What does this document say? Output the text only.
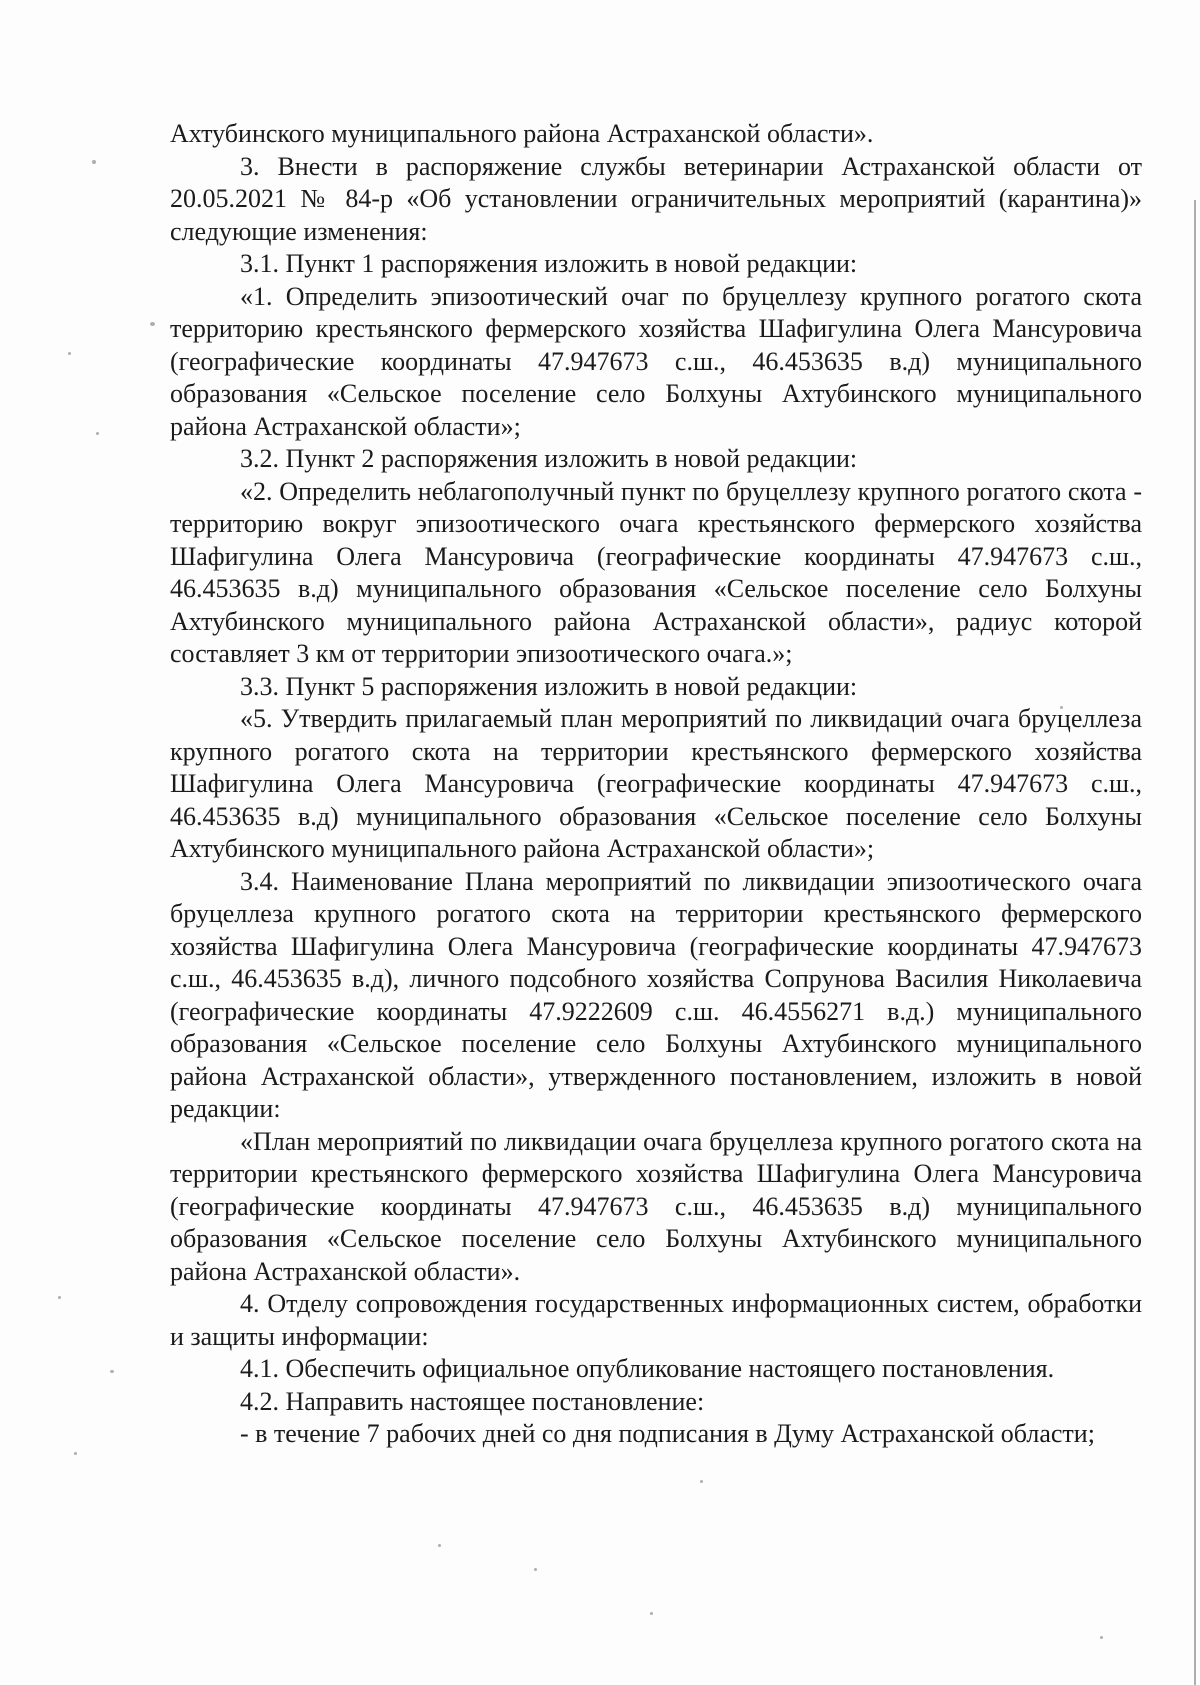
Ахтубинского муниципального района Астраханской области».

3. Внести в распоряжение службы ветеринарии Астраханской области от 20.05.2021 № 84-р «Об установлении ограничительных мероприятий (карантина)» следующие изменения:

3.1. Пункт 1 распоряжения изложить в новой редакции:

«1. Определить эпизоотический очаг по бруцеллезу крупного рогатого скота территорию крестьянского фермерского хозяйства Шафигулина Олега Мансуровича (географические координаты 47.947673 с.ш., 46.453635 в.д) муниципального образования «Сельское поселение село Болхуны Ахтубинского муниципального района Астраханской области»;

3.2. Пункт 2 распоряжения изложить в новой редакции:

«2. Определить неблагополучный пункт по бруцеллезу крупного рогатого скота - территорию вокруг эпизоотического очага крестьянского фермерского хозяйства Шафигулина Олега Мансуровича (географические координаты 47.947673 с.ш., 46.453635 в.д) муниципального образования «Сельское поселение село Болхуны Ахтубинского муниципального района Астраханской области», радиус которой составляет 3 км от территории эпизоотического очага.»;

3.3. Пункт 5 распоряжения изложить в новой редакции:

«5. Утвердить прилагаемый план мероприятий по ликвидации очага бруцеллеза крупного рогатого скота на территории крестьянского фермерского хозяйства Шафигулина Олега Мансуровича (географические координаты 47.947673 с.ш., 46.453635 в.д) муниципального образования «Сельское поселение село Болхуны Ахтубинского муниципального района Астраханской области»;

3.4. Наименование Плана мероприятий по ликвидации эпизоотического очага бруцеллеза крупного рогатого скота на территории крестьянского фермерского хозяйства Шафигулина Олега Мансуровича (географические координаты 47.947673 с.ш., 46.453635 в.д), личного подсобного хозяйства Сопрунова Василия Николаевича (географические координаты 47.9222609 с.ш. 46.4556271 в.д.) муниципального образования «Сельское поселение село Болхуны Ахтубинского муниципального района Астраханской области», утвержденного постановлением, изложить в новой редакции:

«План мероприятий по ликвидации очага бруцеллеза крупного рогатого скота на территории крестьянского фермерского хозяйства Шафигулина Олега Мансуровича (географические координаты 47.947673 с.ш., 46.453635 в.д) муниципального образования «Сельское поселение село Болхуны Ахтубинского муниципального района Астраханской области».

4. Отделу сопровождения государственных информационных систем, обработки и защиты информации:

4.1. Обеспечить официальное опубликование настоящего постановления.

4.2. Направить настоящее постановление:

- в течение 7 рабочих дней со дня подписания в Думу Астраханской области;
